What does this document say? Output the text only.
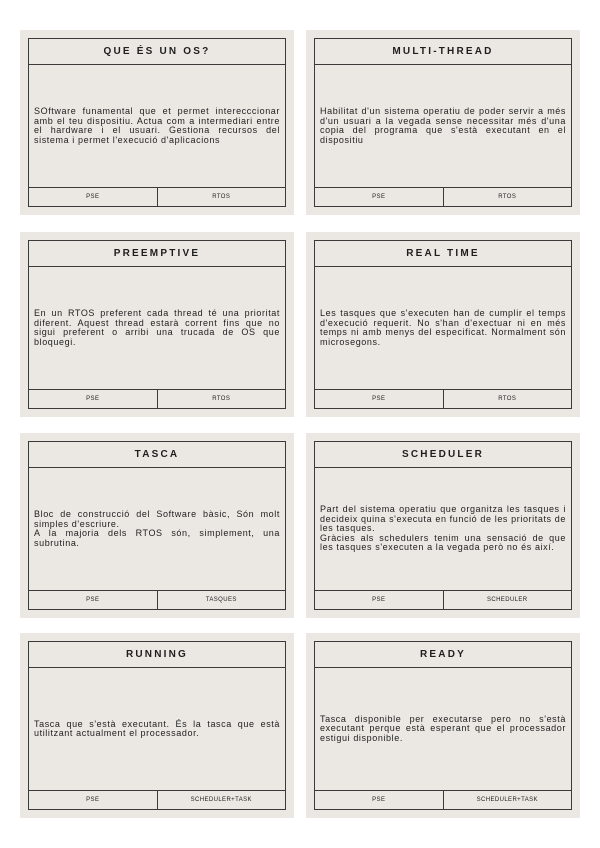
QUE ÉS UN OS?

SOftware funamental que et permet interecccionar amb el teu dispositiu. Actua com a intermediari entre el hardware i el usuari. Gestiona recursos del sistema i permet l'execució d'aplicacions

PSE	RTOS
MULTI-THREAD

Habilitat d'un sistema operatiu de poder servir a més d'un usuari a la vegada sense necessitar més d'una copia del programa que s'està executant en el dispositiu

PSE	RTOS
PREEMPTIVE

En un RTOS preferent cada thread té una prioritat diferent. Aquest thread estarà corrent fins que no sigui preferent o arribi una trucada de OS que bloquegi.

PSE	RTOS
REAL TIME

Les tasques que s'executen han de cumplir el temps d'execució requerit. No s'han d'exectuar ni en més temps ni amb menys del especificat. Normalment són microsegons.

PSE	RTOS
TASCA

Bloc de construcció del Software bàsic, Són molt simples d'escriure.
A la majoria dels RTOS són, simplement, una subrutina.

PSE	TASQUES
SCHEDULER

Part del sistema operatiu que organitza les tasques i decideix quina s'executa en funció de les prioritats de les tasques.
Gràcies als schedulers tenim una sensació de que les tasques s'executen a la vegada però no és així.

PSE	SCHEDULER
RUNNING

Tasca que s'està executant. És la tasca que està utilitzant actualment el processador.

PSE	SCHEDULER+TASK
READY

Tasca disponible per executarse pero no s'està executant perque està esperant que el processador estigui disponible.

PSE	SCHEDULER+TASK
